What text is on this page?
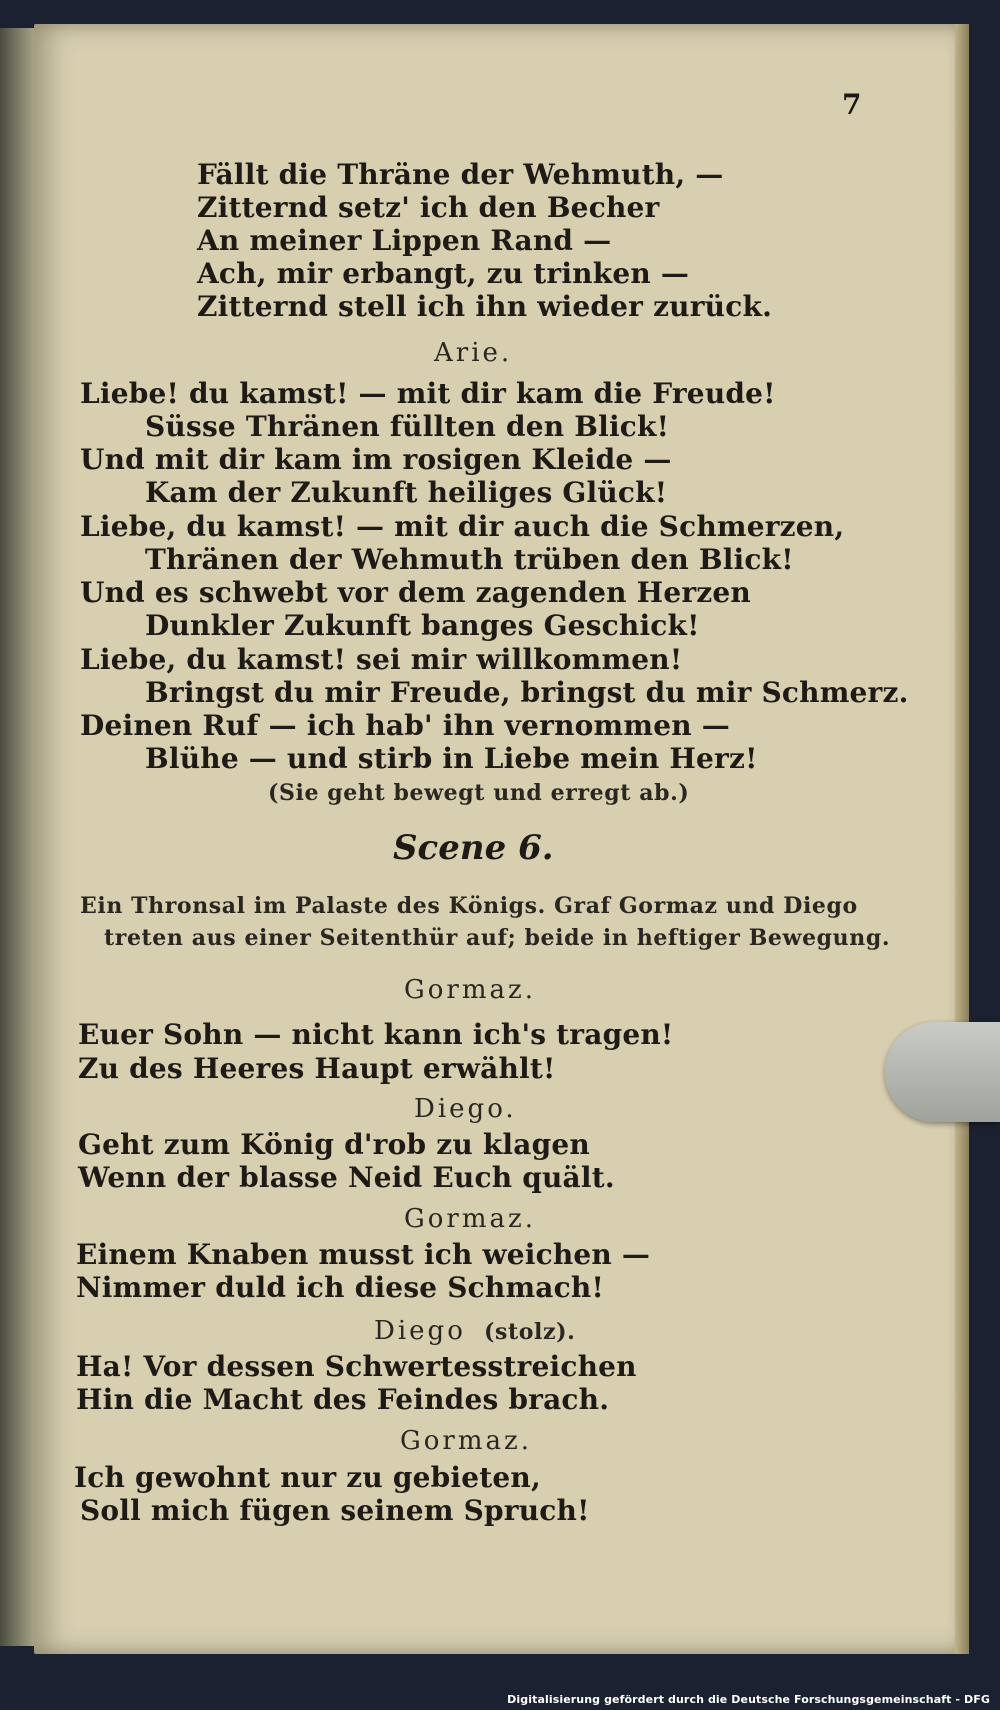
7
Fällt die Thräne der Wehmuth, —
Zitternd setz' ich den Becher
An meiner Lippen Rand —
Ach, mir erbangt, zu trinken —
Zitternd stell ich ihn wieder zurück.
Arie.
Liebe! du kamst! — mit dir kam die Freude!
Süsse Thränen füllten den Blick!
Und mit dir kam im rosigen Kleide —
Kam der Zukunft heiliges Glück!
Liebe, du kamst! — mit dir auch die Schmerzen,
Thränen der Wehmuth trüben den Blick!
Und es schwebt vor dem zagenden Herzen
Dunkler Zukunft banges Geschick!
Liebe, du kamst! sei mir willkommen!
Bringst du mir Freude, bringst du mir Schmerz.
Deinen Ruf — ich hab' ihn vernommen —
Blühe — und stirb in Liebe mein Herz!
(Sie geht bewegt und erregt ab.)
Scene 6.
Ein Thronsal im Palaste des Königs. Graf Gormaz und Diego
treten aus einer Seitenthür auf; beide in heftiger Bewegung.
Gormaz.
Euer Sohn — nicht kann ich's tragen!
Zu des Heeres Haupt erwählt!
Diego.
Geht zum König d'rob zu klagen
Wenn der blasse Neid Euch quält.
Gormaz.
Einem Knaben musst ich weichen —
Nimmer duld ich diese Schmach!
Diego (stolz).
Ha! Vor dessen Schwertesstreichen
Hin die Macht des Feindes brach.
Gormaz.
Ich gewohnt nur zu gebieten,
Soll mich fügen seinem Spruch!
Digitalisierung gefördert durch die Deutsche Forschungsgemeinschaft - DFG
